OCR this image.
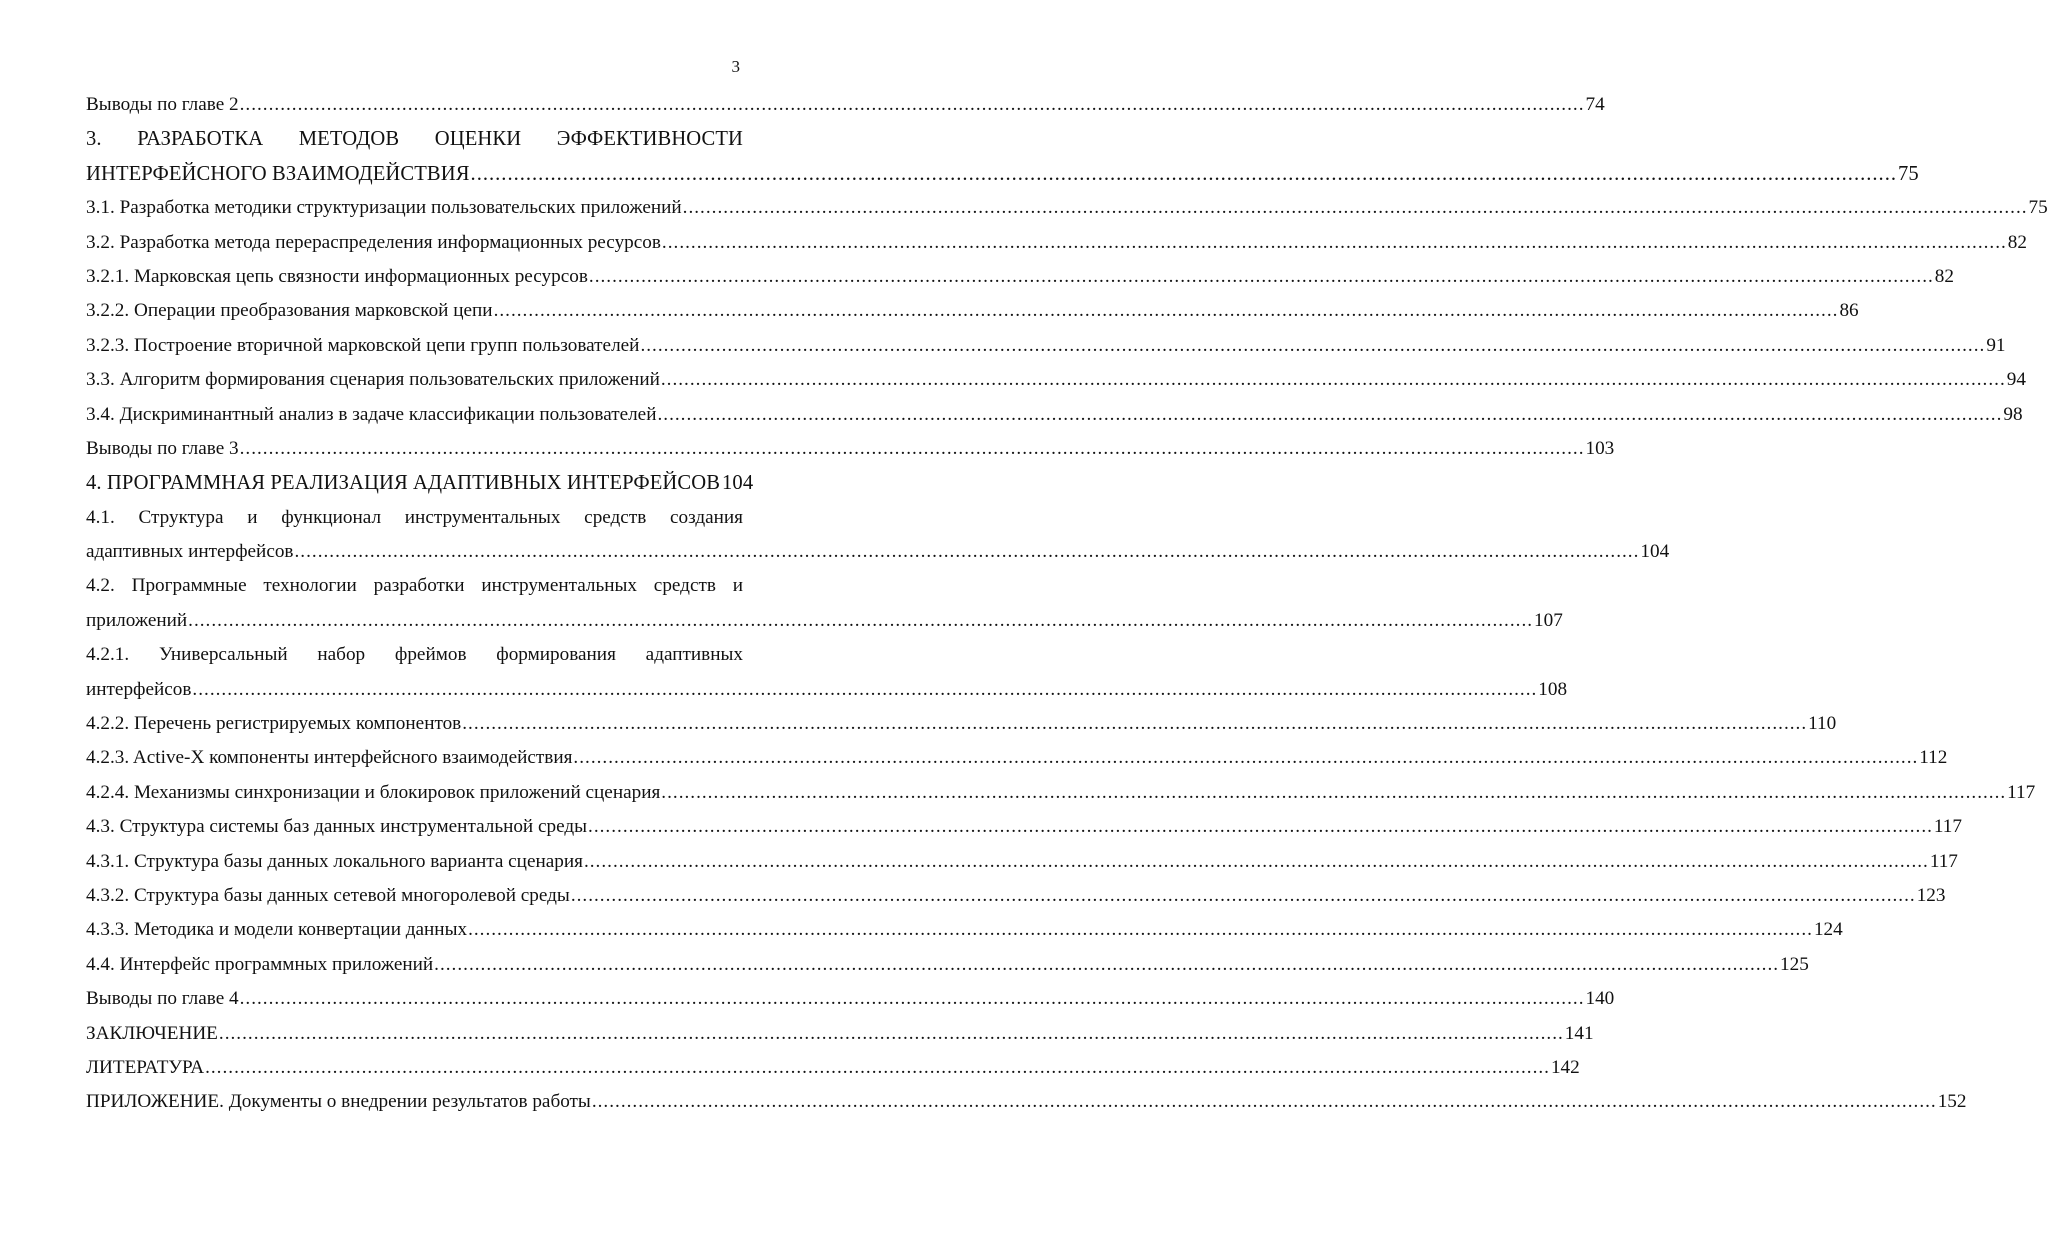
3
Выводы по главе 2 .....	74
3. РАЗРАБОТКА МЕТОДОВ ОЦЕНКИ ЭФФЕКТИВНОСТИ
ИНТЕРФЕЙСНОГО ВЗАИМОДЕЙСТВИЯ .....	75
3.1. Разработка методики структуризации пользовательских приложений .....	75
3.2. Разработка метода перераспределения информационных ресурсов .....	82
3.2.1. Марковская цепь связности информационных ресурсов .....	82
3.2.2. Операции преобразования марковской цепи .....	86
3.2.3. Построение вторичной марковской цепи групп пользователей .....	91
3.3. Алгоритм формирования сценария пользовательских приложений .....	94
3.4. Дискриминантный анализ в задаче классификации пользователей .....	98
Выводы по главе 3 .....	103
4. ПРОГРАММНАЯ РЕАЛИЗАЦИЯ АДАПТИВНЫХ ИНТЕРФЕЙСОВ 104
4.1. Структура и функционал инструментальных средств создания
адаптивных интерфейсов .....	104
4.2. Программные технологии разработки инструментальных средств и
приложений .....	107
4.2.1. Универсальный набор фреймов формирования адаптивных
интерфейсов .....	108
4.2.2. Перечень регистрируемых компонентов .....	110
4.2.3. Active-X компоненты интерфейсного взаимодействия .....	112
4.2.4. Механизмы синхронизации и блокировок приложений сценария .....	117
4.3. Структура системы баз данных инструментальной среды .....	117
4.3.1. Структура базы данных локального варианта сценария .....	117
4.3.2. Структура базы данных сетевой многоролевой среды .....	123
4.3.3. Методика и модели конвертации данных .....	124
4.4. Интерфейс программных приложений .....	125
Выводы по главе 4 .....	140
ЗАКЛЮЧЕНИЕ .....	141
ЛИТЕРАТУРА .....	142
ПРИЛОЖЕНИЕ. Документы о внедрении результатов работы .....	152
